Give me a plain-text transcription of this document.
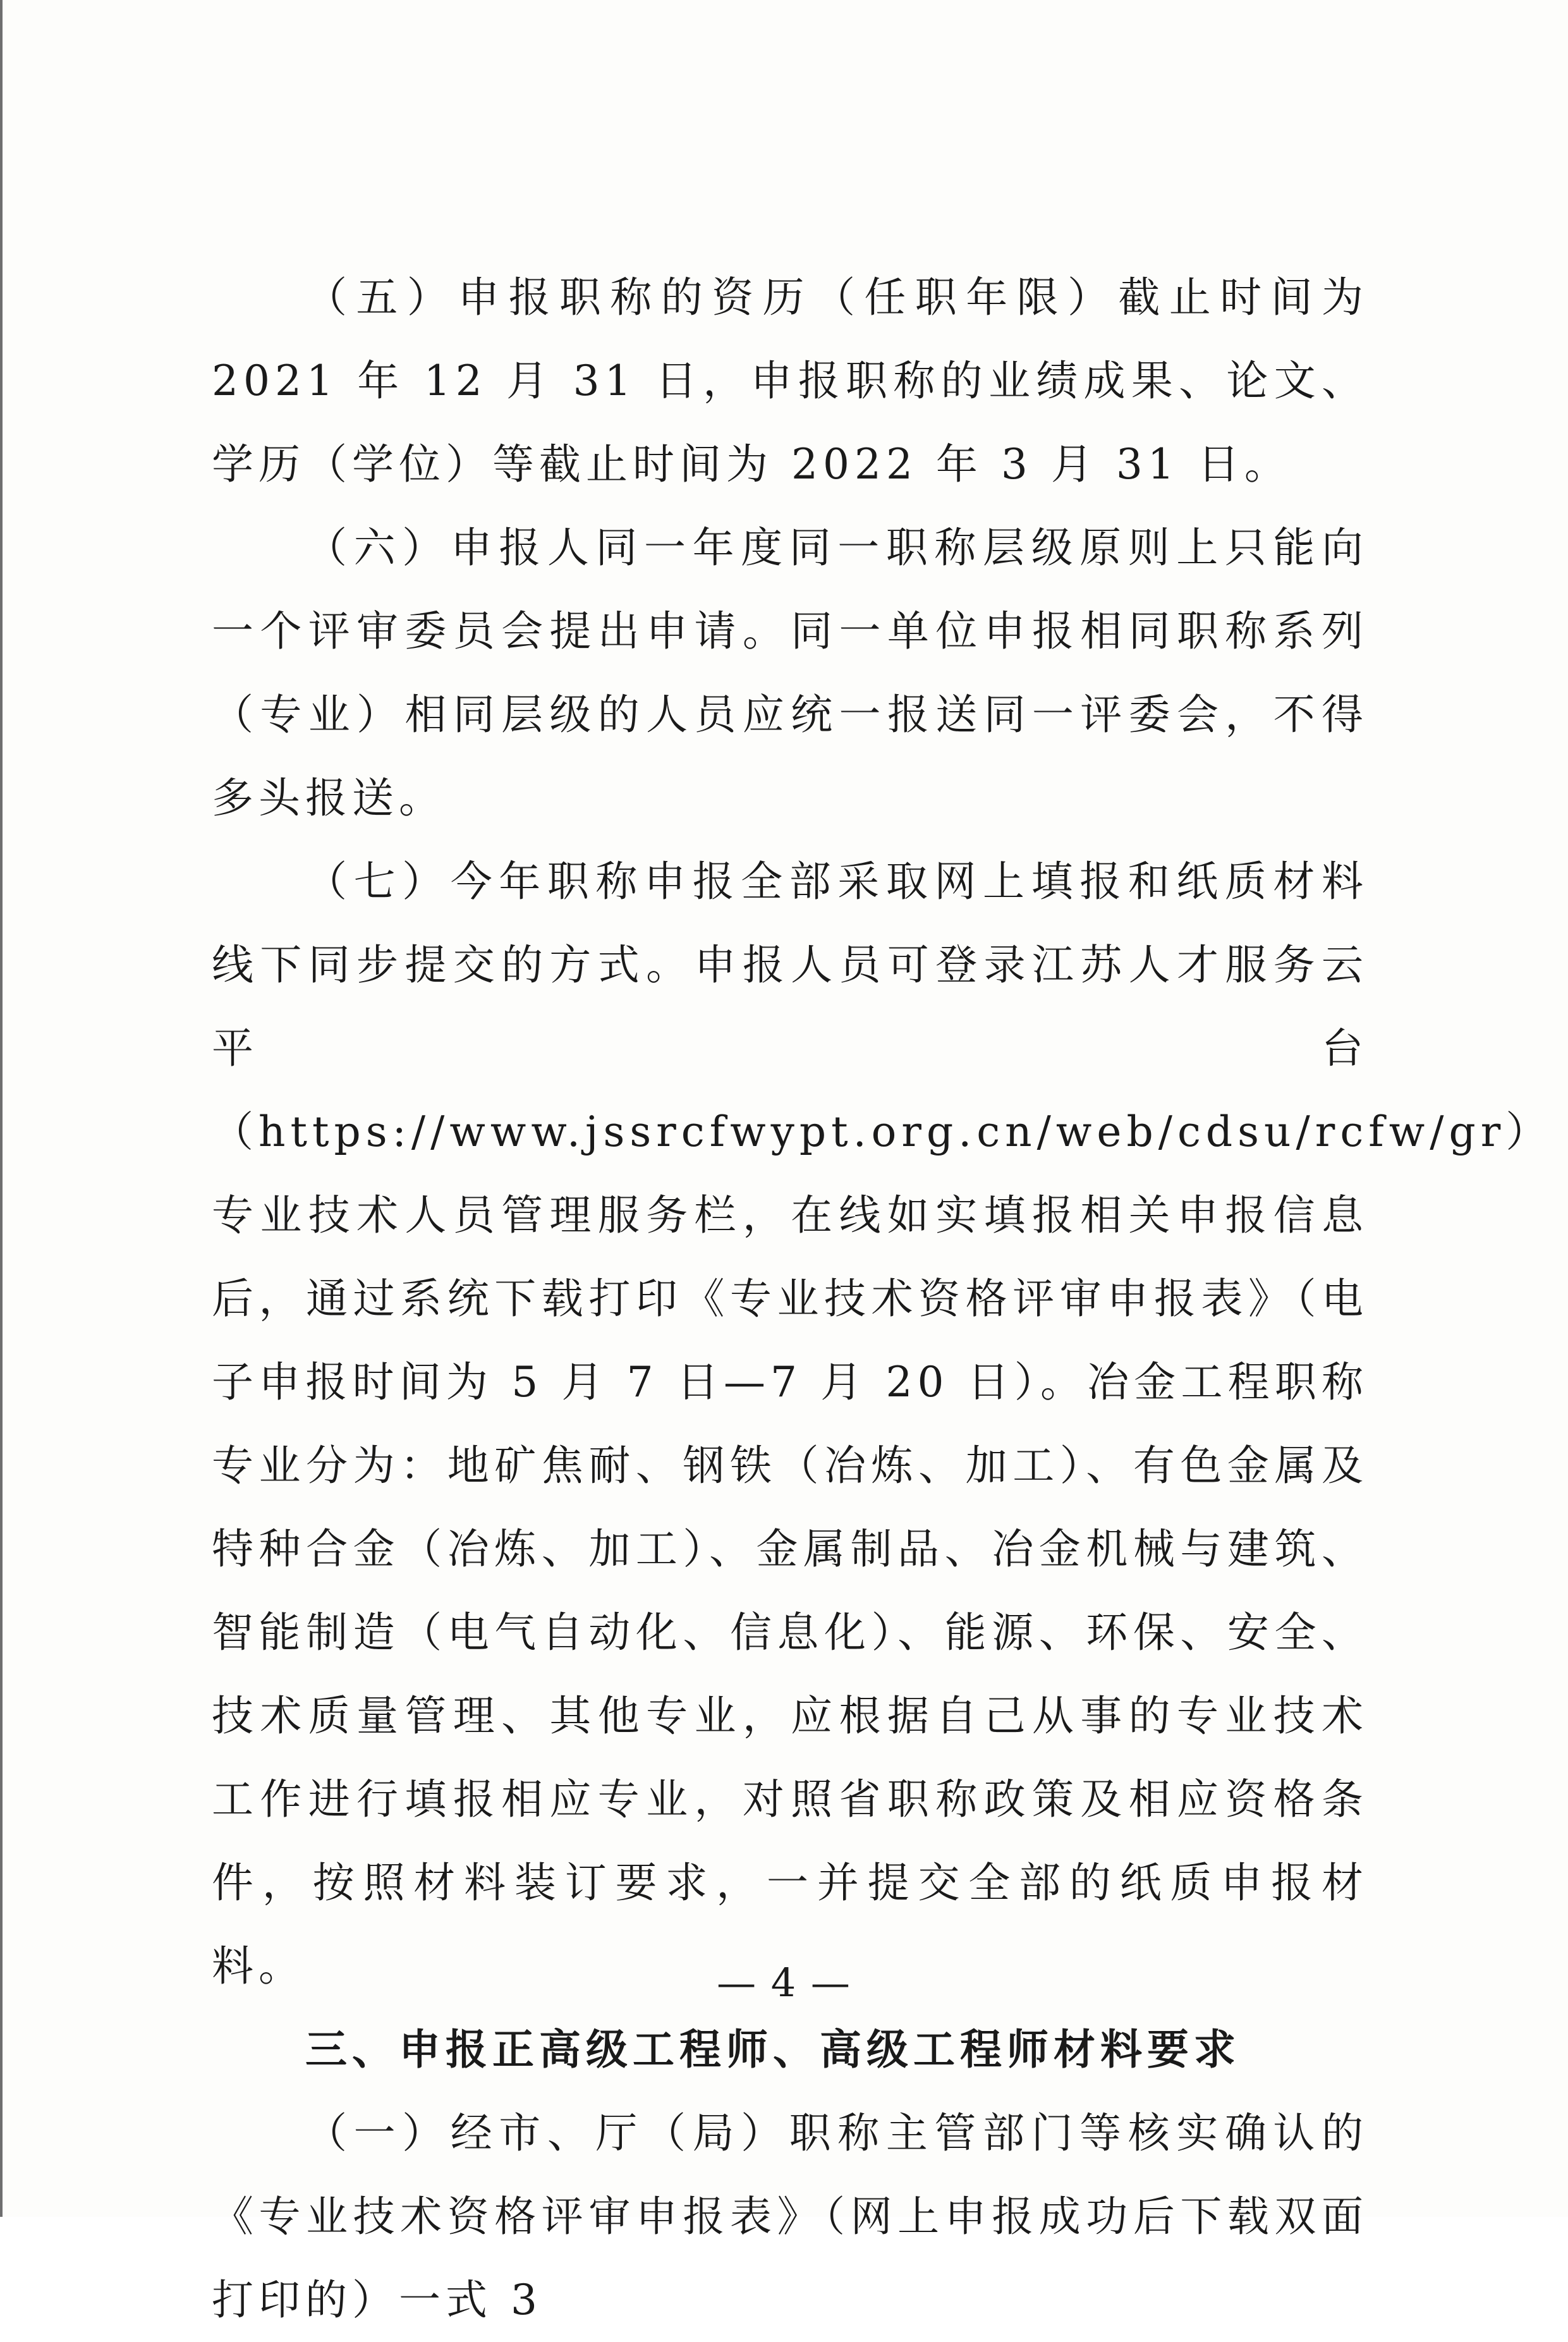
（五）申报职称的资历（任职年限）截止时间为 2021 年 12 月 31 日，申报职称的业绩成果、论文、学历（学位）等截止时间为 2022 年 3 月 31 日。

（六）申报人同一年度同一职称层级原则上只能向一个评审委员会提出申请。同一单位申报相同职称系列（专业）相同层级的人员应统一报送同一评委会，不得多头报送。

（七）今年职称申报全部采取网上填报和纸质材料线下同步提交的方式。申报人员可登录江苏人才服务云平台（https://www.jssrcfwypt.org.cn/web/cdsu/rcfw/gr）专业技术人员管理服务栏，在线如实填报相关申报信息后，通过系统下载打印《专业技术资格评审申报表》（电子申报时间为 5 月 7 日—7 月 20 日）。冶金工程职称专业分为：地矿焦耐、钢铁（冶炼、加工）、有色金属及特种合金（冶炼、加工）、金属制品、冶金机械与建筑、智能制造（电气自动化、信息化）、能源、环保、安全、技术质量管理、其他专业，应根据自己从事的专业技术工作进行填报相应专业，对照省职称政策及相应资格条件，按照材料装订要求，一并提交全部的纸质申报材料。

三、申报正高级工程师、高级工程师材料要求

（一）经市、厅（局）职称主管部门等核实确认的《专业技术资格评审申报表》（网上申报成功后下载双面打印的）一式 3

— 4 —
